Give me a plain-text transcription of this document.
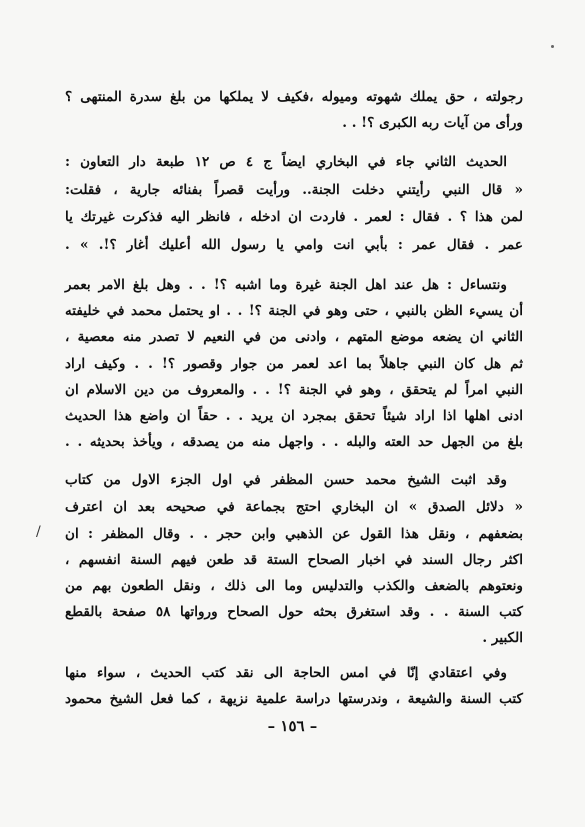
رجولته ، حق يملك شهوته وميوله ،فكيف لا يملكها من بلغ سدرة المنتهى ؟
ورأى من آيات ربه الكبرى ؟! . .
الحديث الثاني جاء في البخاري ايضاً ج ٤ ص ١٢ طبعة دار التعاون :
« قال النبي رأيتني دخلت الجنة.. ورأيت قصراً بفنائه جارية ، فقلت:
لمن هذا ؟ . فقال : لعمر . فاردت ان ادخله ، فانظر اليه فذكرت غيرتك يا
عمر . فقال عمر : بأبي انت وامي يا رسول الله أعليك أغار ؟!. » .
ونتساءل : هل عند اهل الجنة غيرة وما اشبه ؟! . . وهل بلغ الامر بعمر
أن يسيء الظن بالنبي ، حتى وهو في الجنة ؟! . . او يحتمل محمد في خليفته
الثاني ان يضعه موضع المتهم ، وادنى من في النعيم لا تصدر منه معصية ،
ثم هل كان النبي جاهلاً بما اعد لعمر من جوار وقصور ؟! . . وكيف اراد
النبي امراً لم يتحقق ، وهو في الجنة ؟! . . والمعروف من دين الاسلام ان
ادنى اهلها اذا اراد شيئاً تحقق بمجرد ان يريد . . حقاً ان واضع هذا الحديث
بلغ من الجهل حد العته والبله . . واجهل منه من يصدقه ، ويأخذ بحديثه . .
وقد اثبت الشيخ محمد حسن المظفر في اول الجزء الاول من كتاب
« دلائل الصدق » ان البخاري احتج بجماعة في صحيحه بعد ان اعترف
بضعفهم ، ونقل هذا القول عن الذهبي وابن حجر . . وقال المظفر : ان
اكثر رجال السند في اخبار الصحاح الستة قد طعن فيهم السنة انفسهم ،
ونعتوهم بالضعف والكذب والتدليس وما الى ذلك ، ونقل الطعون بهم من
كتب السنة . . وقد استغرق بحثه حول الصحاح ورواتها ٥٨ صفحة بالقطع
الكبير .
وفي اعتقادي إنّا في امس الحاجة الى نقد كتب الحديث ، سواء منها
كتب السنة والشيعة ، وندرستها دراسة علمية نزيهة ، كما فعل الشيخ محمود
/
– ١٥٦ –
